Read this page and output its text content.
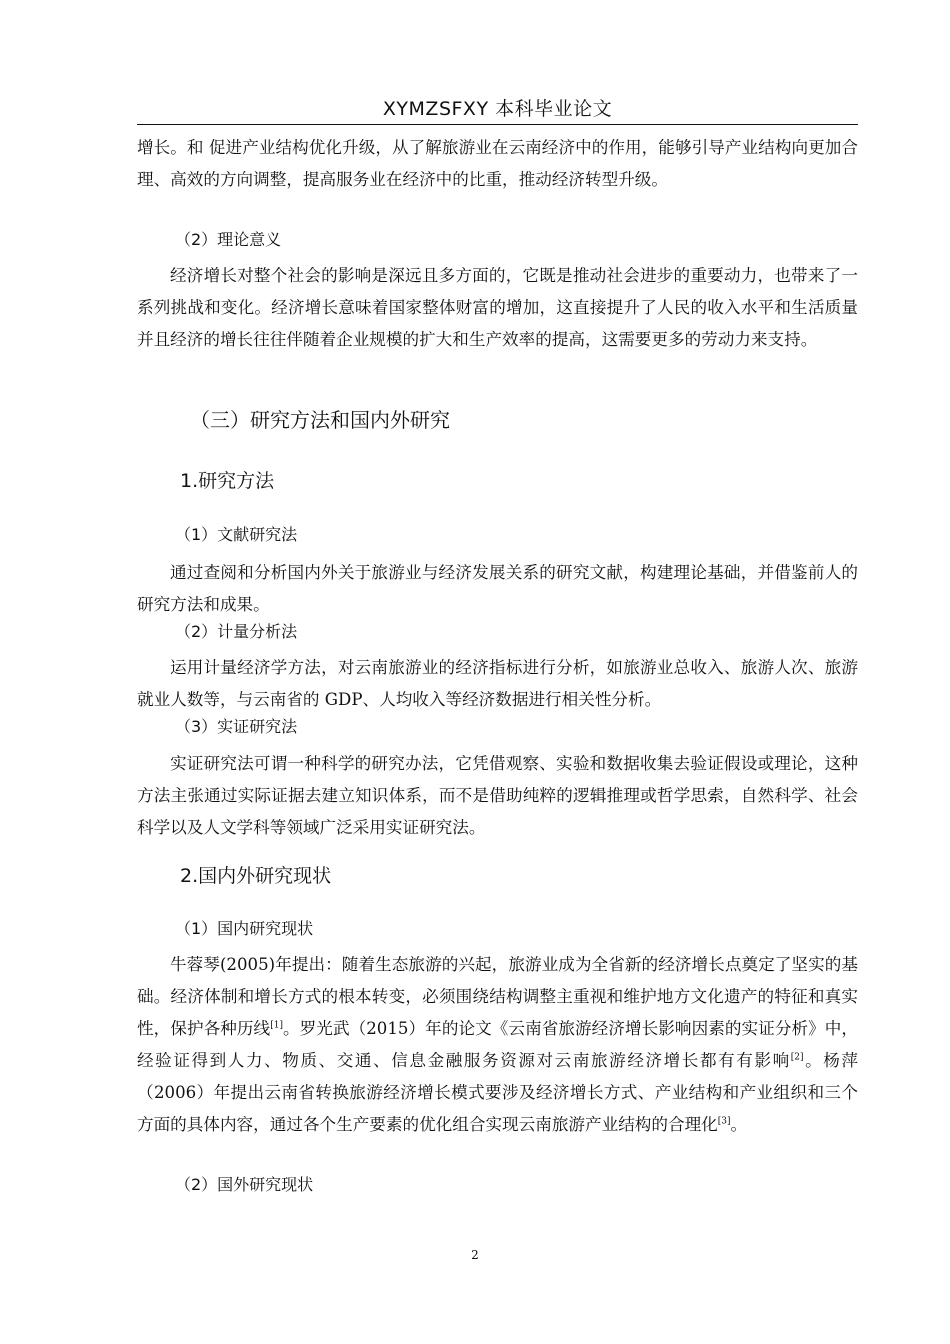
XYMZSFXY 本科毕业论文

增长。和 促进产业结构优化升级，从了解旅游业在云南经济中的作用，能够引导产业结构向更加合理、高效的方向调整，提高服务业在经济中的比重，推动经济转型升级。

（2）理论意义

经济增长对整个社会的影响是深远且多方面的，它既是推动社会进步的重要动力，也带来了一系列挑战和变化。经济增长意味着国家整体财富的增加，这直接提升了人民的收入水平和生活质量并且经济的增长往往伴随着企业规模的扩大和生产效率的提高，这需要更多的劳动力来支持。

（三）研究方法和国内外研究
1.研究方法
（1）文献研究法

通过查阅和分析国内外关于旅游业与经济发展关系的研究文献，构建理论基础，并借鉴前人的研究方法和成果。

（2）计量分析法

运用计量经济学方法，对云南旅游业的经济指标进行分析，如旅游业总收入、旅游人次、旅游就业人数等，与云南省的 GDP、人均收入等经济数据进行相关性分析。

（3）实证研究法

实证研究法可谓一种科学的研究办法，它凭借观察、实验和数据收集去验证假设或理论，这种方法主张通过实际证据去建立知识体系，而不是借助纯粹的逻辑推理或哲学思索，自然科学、社会科学以及人文学科等领域广泛采用实证研究法。

2.国内外研究现状
（1）国内研究现状

牛蓉琴(2005)年提出：随着生态旅游的兴起，旅游业成为全省新的经济增长点奠定了坚实的基础。经济体制和增长方式的根本转变，必须围绕结构调整主重视和维护地方文化遗产的特征和真实性，保护各种历线[1]。罗光武（2015）年的论文《云南省旅游经济增长影响因素的实证分析》中，经验证得到人力、物质、交通、信息金融服务资源对云南旅游经济增长都有有影响[2]。杨萍（2006）年提出云南省转换旅游经济增长模式要涉及经济增长方式、产业结构和产业组织和三个方面的具体内容，通过各个生产要素的优化组合实现云南旅游产业结构的合理化[3]。

（2）国外研究现状
2
